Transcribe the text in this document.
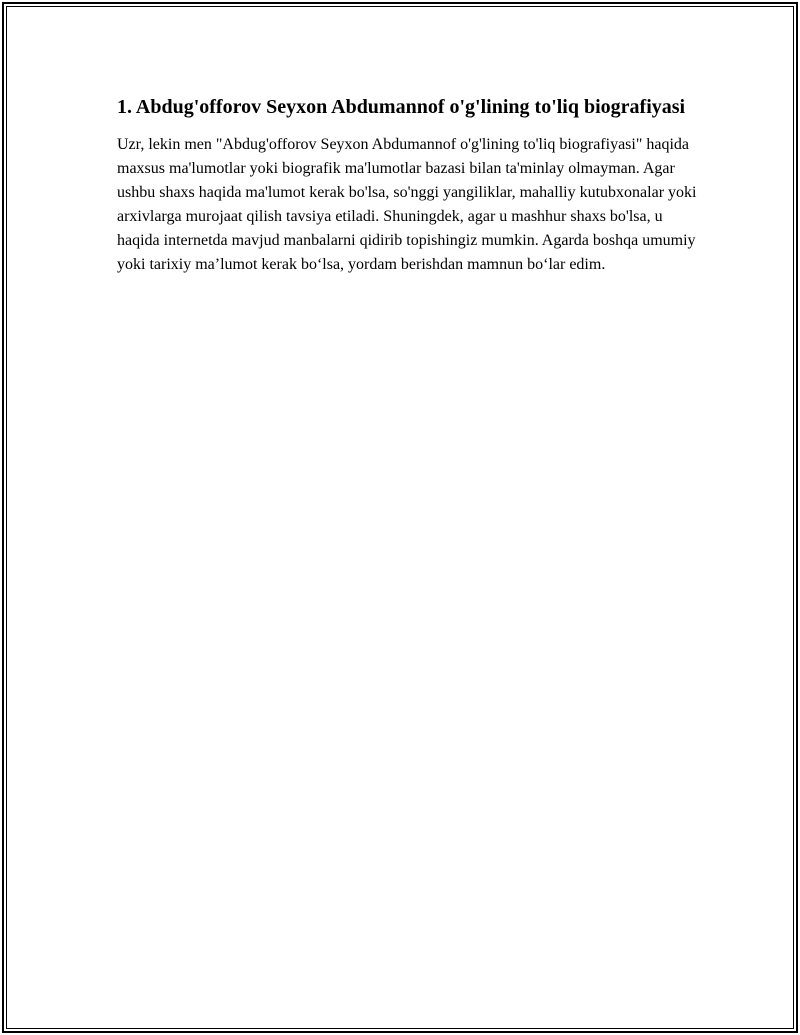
1. Abdug'offorov Seyxon Abdumannof o'g'lining to'liq biografiyasi

Uzr, lekin men "Abdug'offorov Seyxon Abdumannof o'g'lining to'liq biografiyasi" haqida maxsus ma'lumotlar yoki biografik ma'lumotlar bazasi bilan ta'minlay olmayman. Agar ushbu shaxs haqida ma'lumot kerak bo'lsa, so'nggi yangiliklar, mahalliy kutubxonalar yoki arxivlarga murojaat qilish tavsiya etiladi. Shuningdek, agar u mashhur shaxs bo'lsa, u haqida internetda mavjud manbalarni qidirib topishingiz mumkin. Agarda boshqa umumiy yoki tarixiy ma’lumot kerak bo‘lsa, yordam berishdan mamnun bo‘lar edim.
